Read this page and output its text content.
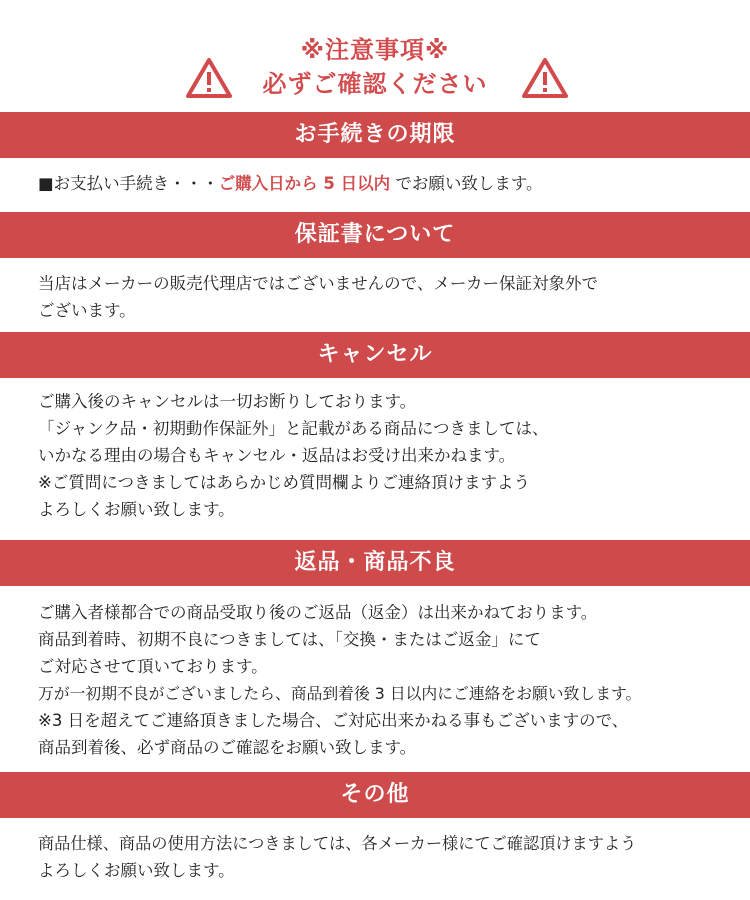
※注意事項※
必ずご確認ください
お手続きの期限
■お支払い手続き・・・ご購入日から 5 日以内 でお願い致します。
保証書について
当店はメーカーの販売代理店ではございませんので、メーカー保証対象外で
ございます。
キャンセル
ご購入後のキャンセルは一切お断りしております。
「ジャンク品・初期動作保証外」と記載がある商品につきましては、
いかなる理由の場合もキャンセル・返品はお受け出来かねます。
※ご質問につきましてはあらかじめ質問欄よりご連絡頂けますよう
よろしくお願い致します。
返品・商品不良
ご購入者様都合での商品受取り後のご返品（返金）は出来かねております。
商品到着時、初期不良につきましては、「交換・またはご返金」にて
ご対応させて頂いております。
万が一初期不良がございましたら、商品到着後 3 日以内にご連絡をお願い致します。
※3 日を超えてご連絡頂きました場合、ご対応出来かねる事もございますので、
商品到着後、必ず商品のご確認をお願い致します。
その他
商品仕様、商品の使用方法につきましては、各メーカー様にてご確認頂けますよう
よろしくお願い致します。
